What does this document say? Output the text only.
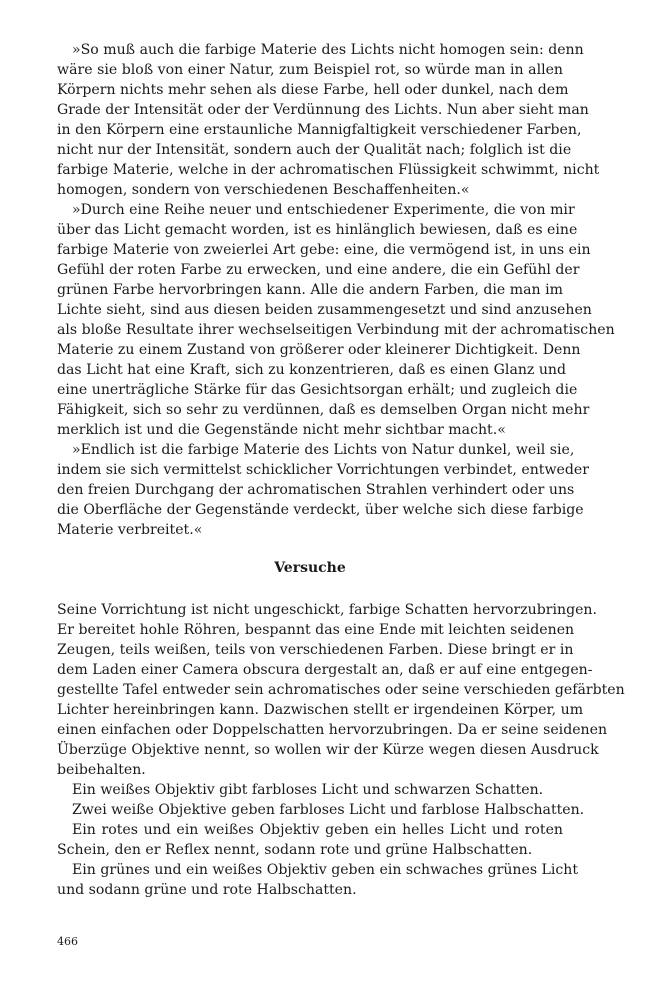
»So muß auch die farbige Materie des Lichts nicht homogen sein: denn
wäre sie bloß von einer Natur, zum Beispiel rot, so würde man in allen
Körpern nichts mehr sehen als diese Farbe, hell oder dunkel, nach dem
Grade der Intensität oder der Verdünnung des Lichts. Nun aber sieht man
in den Körpern eine erstaunliche Mannigfaltigkeit verschiedener Farben,
nicht nur der Intensität, sondern auch der Qualität nach; folglich ist die
farbige Materie, welche in der achromatischen Flüssigkeit schwimmt, nicht
homogen, sondern von verschiedenen Beschaffenheiten.«
»Durch eine Reihe neuer und entschiedener Experimente, die von mir
über das Licht gemacht worden, ist es hinlänglich bewiesen, daß es eine
farbige Materie von zweierlei Art gebe: eine, die vermögend ist, in uns ein
Gefühl der roten Farbe zu erwecken, und eine andere, die ein Gefühl der
grünen Farbe hervorbringen kann. Alle die andern Farben, die man im
Lichte sieht, sind aus diesen beiden zusammengesetzt und sind anzusehen
als bloße Resultate ihrer wechselseitigen Verbindung mit der achromatischen
Materie zu einem Zustand von größerer oder kleinerer Dichtigkeit. Denn
das Licht hat eine Kraft, sich zu konzentrieren, daß es einen Glanz und
eine unerträgliche Stärke für das Gesichtsorgan erhält; und zugleich die
Fähigkeit, sich so sehr zu verdünnen, daß es demselben Organ nicht mehr
merklich ist und die Gegenstände nicht mehr sichtbar macht.«
»Endlich ist die farbige Materie des Lichts von Natur dunkel, weil sie,
indem sie sich vermittelst schicklicher Vorrichtungen verbindet, entweder
den freien Durchgang der achromatischen Strahlen verhindert oder uns
die Oberfläche der Gegenstände verdeckt, über welche sich diese farbige
Materie verbreitet.«
Versuche
Seine Vorrichtung ist nicht ungeschickt, farbige Schatten hervorzubringen.
Er bereitet hohle Röhren, bespannt das eine Ende mit leichten seidenen
Zeugen, teils weißen, teils von verschiedenen Farben. Diese bringt er in
dem Laden einer Camera obscura dergestalt an, daß er auf eine entgegen-
gestellte Tafel entweder sein achromatisches oder seine verschieden gefärbten
Lichter hereinbringen kann. Dazwischen stellt er irgendeinen Körper, um
einen einfachen oder Doppelschatten hervorzubringen. Da er seine seidenen
Überzüge Objektive nennt, so wollen wir der Kürze wegen diesen Ausdruck
beibehalten.
Ein weißes Objektiv gibt farbloses Licht und schwarzen Schatten.
Zwei weiße Objektive geben farbloses Licht und farblose Halbschatten.
Ein rotes und ein weißes Objektiv geben ein helles Licht und roten
Schein, den er Reflex nennt, sodann rote und grüne Halbschatten.
Ein grünes und ein weißes Objektiv geben ein schwaches grünes Licht
und sodann grüne und rote Halbschatten.
466
